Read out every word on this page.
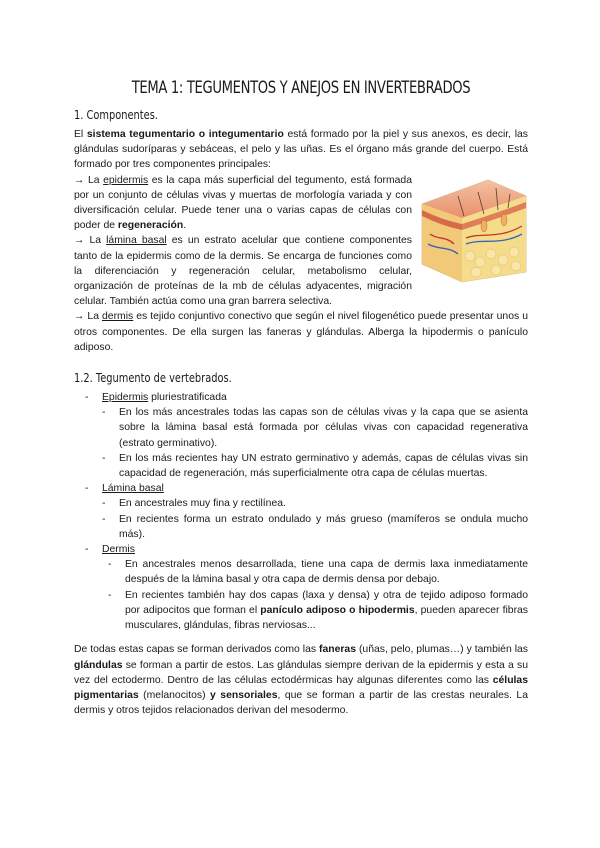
TEMA 1: TEGUMENTOS Y ANEJOS EN INVERTEBRADOS
1. Componentes.

El sistema tegumentario o integumentario está formado por la piel y sus anexos, es decir, las glándulas sudoríparas y sebáceas, el pelo y las uñas. Es el órgano más grande del cuerpo. Está formado por tres componentes principales:

→ La epidermis es la capa más superficial del tegumento, está formada por un conjunto de células vivas y muertas de morfología variada y con diversificación celular. Puede tener una o varias capas de células con poder de regeneración.

→ La lámina basal es un estrato acelular que contiene componentes tanto de la epidermis como de la dermis. Se encarga de funciones como la diferenciación y regeneración celular, metabolismo celular, organización de proteínas de la mb de células adyacentes, migración celular. También actúa como una gran barrera selectiva.

→ La dermis es tejido conjuntivo conectivo que según el nivel filogenético puede presentar unos u otros componentes. De ella surgen las faneras y glándulas. Alberga la hipodermis o panículo adiposo.

1.2. Tegumento de vertebrados.
- Epidermis pluriestratificada
- En los más ancestrales todas las capas son de células vivas y la capa que se asienta sobre la lámina basal está formada por células vivas con capacidad regenerativa (estrato germinativo).
- En los más recientes hay UN estrato germinativo y además, capas de células vivas sin capacidad de regeneración, más superficialmente otra capa de células muertas.
- Lámina basal
- En ancestrales muy fina y rectilínea.
- En recientes forma un estrato ondulado y más grueso (mamíferos se ondula mucho más).
- Dermis
- En ancestrales menos desarrollada, tiene una capa de dermis laxa inmediatamente después de la lámina basal y otra capa de dermis densa por debajo.
- En recientes también hay dos capas (laxa y densa) y otra de tejido adiposo formado por adipocitos que forman el panículo adiposo o hipodermis, pueden aparecer fibras musculares, glándulas, fibras nerviosas...

De todas estas capas se forman derivados como las faneras (uñas, pelo, plumas…) y también las glándulas se forman a partir de estos. Las glándulas siempre derivan de la epidermis y esta a su vez del ectodermo. Dentro de las células ectodérmicas hay algunas diferentes como las células pigmentarias (melanocitos) y sensoriales, que se forman a partir de las crestas neurales. La dermis y otros tejidos relacionados derivan del mesodermo.
